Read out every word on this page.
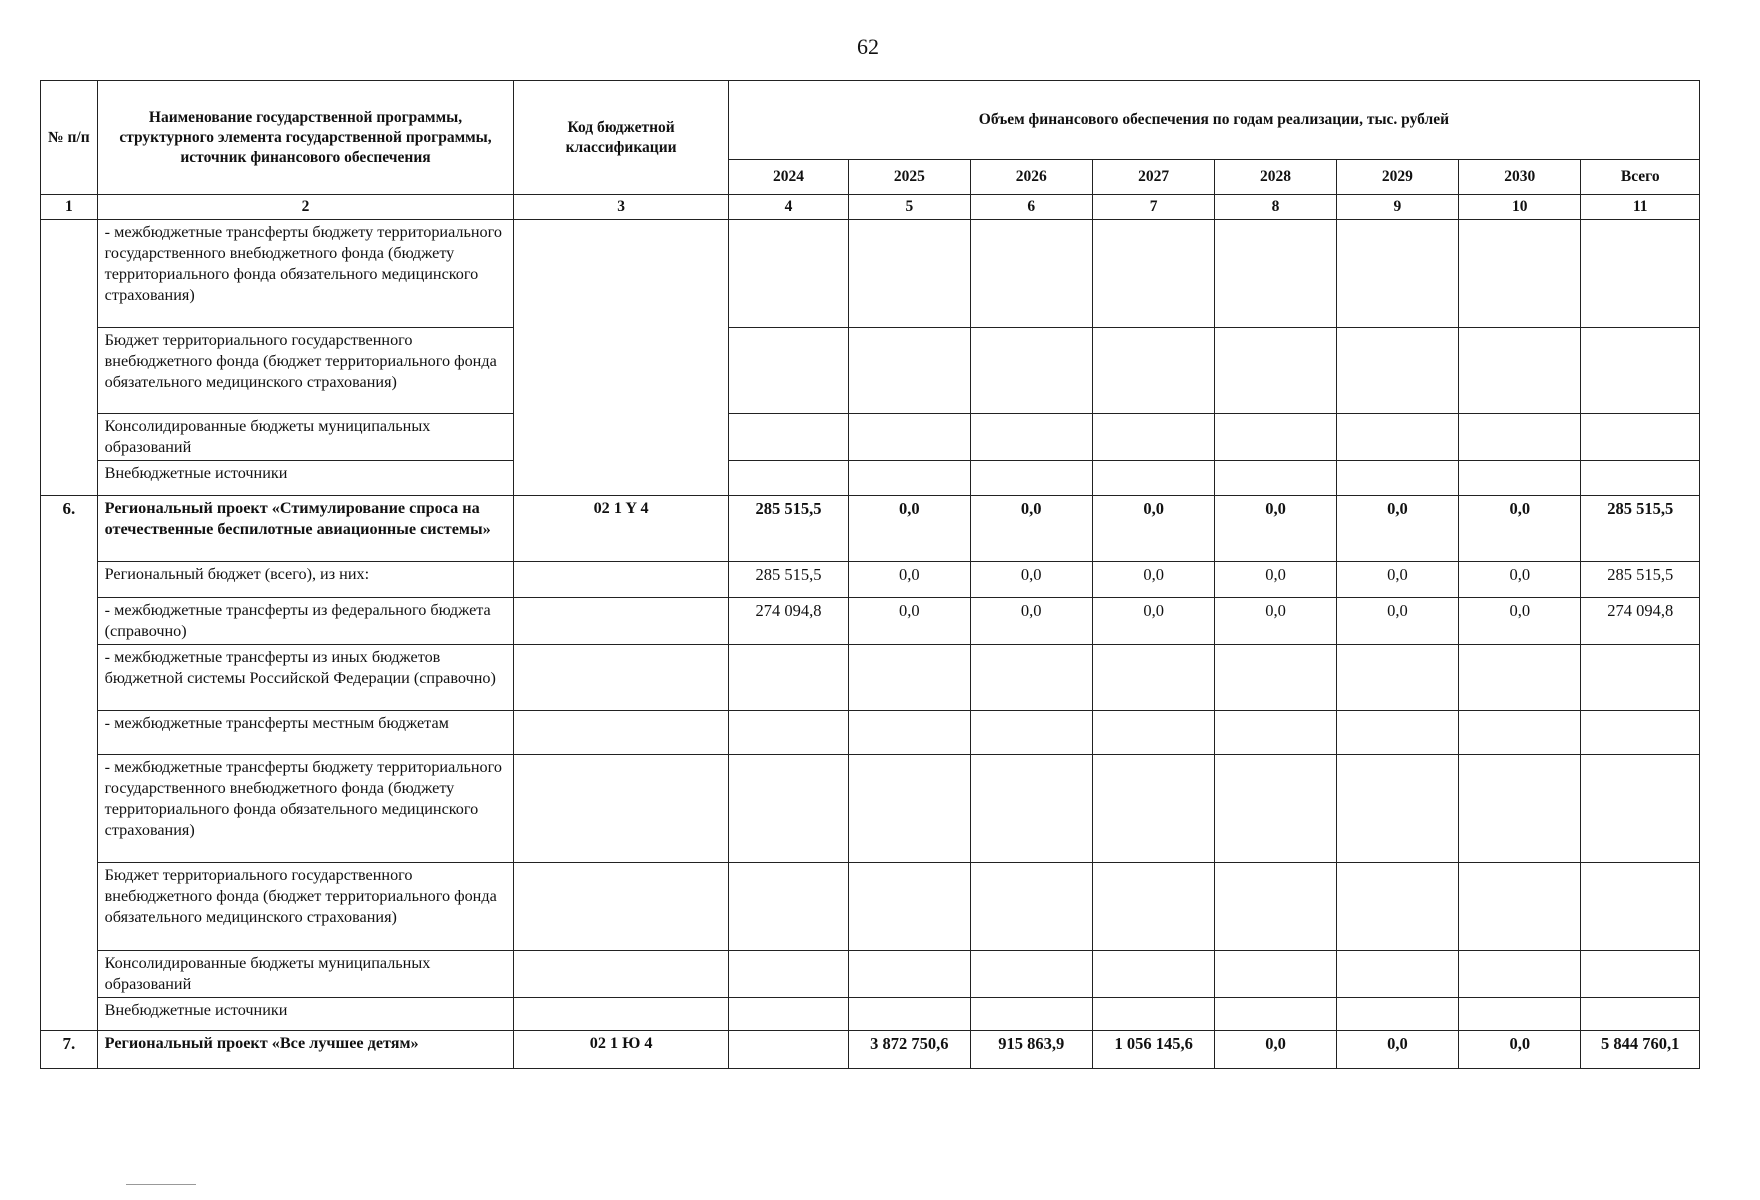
62
№ п/п	Наименование государственной программы, структурного элемента государственной программы, источник финансового обеспечения	Код бюджетной классификации	Объем финансового обеспечения по годам реализации, тыс. рублей							
			2024	2025	2026	2027	2028	2029	2030	Всего
1	2	3	4	5	6	7	8	9	10	11
	- межбюджетные трансферты бюджету территориального государственного внебюджетного фонда (бюджету территориального фонда обязательного медицинского страхования)									
	Бюджет территориального государственного внебюджетного фонда (бюджет территориального фонда обязательного медицинского страхования)									
	Консолидированные бюджеты муниципальных образований									
	Внебюджетные источники									
6.	Региональный проект «Стимулирование спроса на отечественные беспилотные авиационные системы»	02 1 Y 4	285 515,5	0,0	0,0	0,0	0,0	0,0	0,0	285 515,5
	Региональный бюджет (всего), из них:		285 515,5	0,0	0,0	0,0	0,0	0,0	0,0	285 515,5
	- межбюджетные трансферты из федерального бюджета (справочно)		274 094,8	0,0	0,0	0,0	0,0	0,0	0,0	274 094,8
	- межбюджетные трансферты из иных бюджетов бюджетной системы Российской Федерации (справочно)									
	- межбюджетные трансферты местным бюджетам									
	- межбюджетные трансферты бюджету территориального государственного внебюджетного фонда (бюджету территориального фонда обязательного медицинского страхования)									
	Бюджет территориального государственного внебюджетного фонда (бюджет территориального фонда обязательного медицинского страхования)									
	Консолидированные бюджеты муниципальных образований									
	Внебюджетные источники									
7.	Региональный проект «Все лучшее детям»	02 1 Ю 4		3 872 750,6	915 863,9	1 056 145,6	0,0	0,0	0,0	5 844 760,1
